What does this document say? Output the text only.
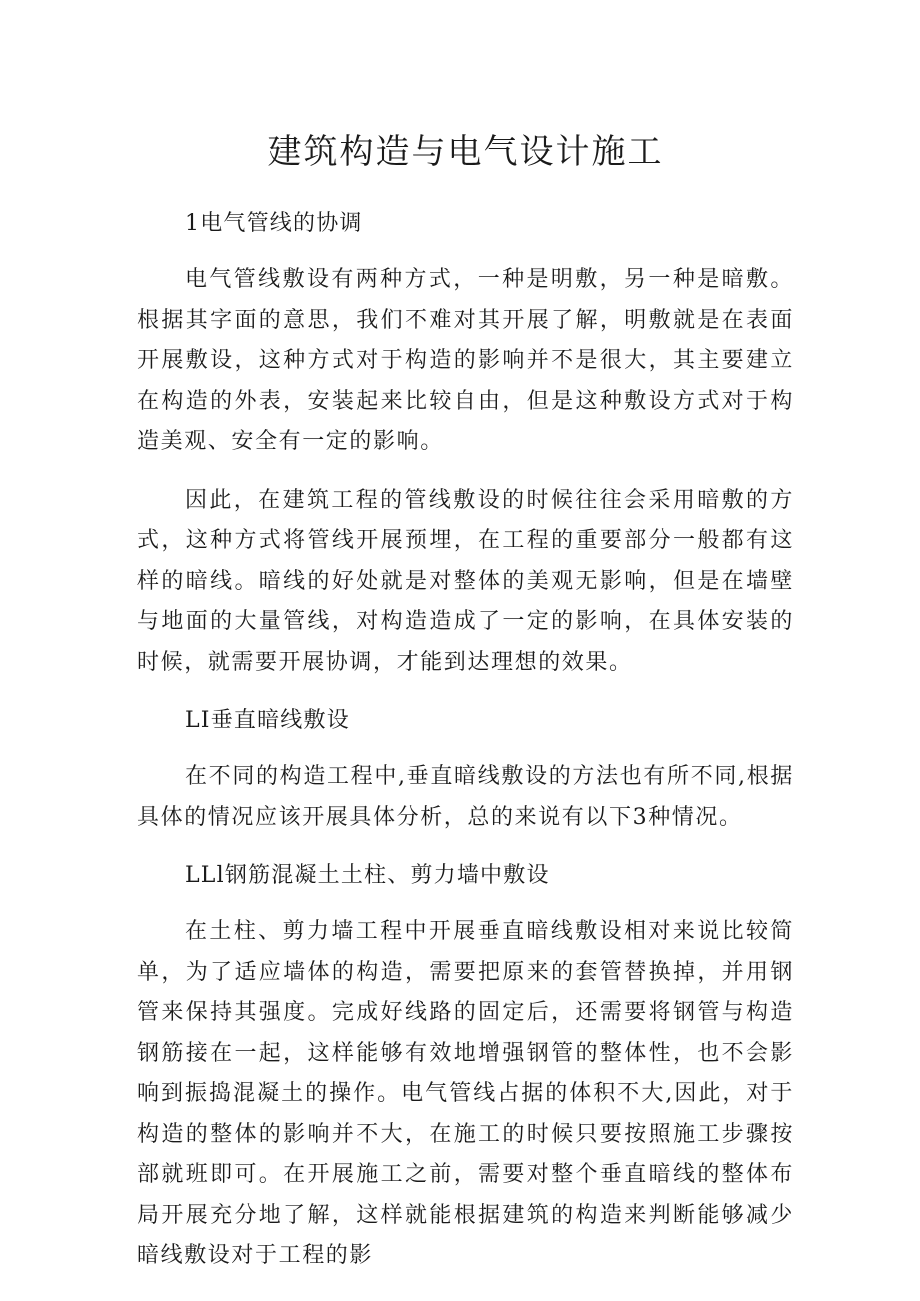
建筑构造与电气设计施工
1电气管线的协调

电气管线敷设有两种方式，一种是明敷，另一种是暗敷。根据其字面的意思，我们不难对其开展了解，明敷就是在表面开展敷设，这种方式对于构造的影响并不是很大，其主要建立在构造的外表，安装起来比较自由，但是这种敷设方式对于构造美观、安全有一定的影响。

因此，在建筑工程的管线敷设的时候往往会采用暗敷的方式，这种方式将管线开展预埋，在工程的重要部分一般都有这样的暗线。暗线的好处就是对整体的美观无影响，但是在墙壁与地面的大量管线，对构造造成了一定的影响，在具体安装的时候，就需要开展协调，才能到达理想的效果。

LI垂直暗线敷设

在不同的构造工程中,垂直暗线敷设的方法也有所不同,根据具体的情况应该开展具体分析，总的来说有以下3种情况。

LLl钢筋混凝土土柱、剪力墙中敷设

在土柱、剪力墙工程中开展垂直暗线敷设相对来说比较简单，为了适应墙体的构造，需要把原来的套管替换掉，并用钢管来保持其强度。完成好线路的固定后，还需要将钢管与构造钢筋接在一起，这样能够有效地增强钢管的整体性，也不会影响到振捣混凝土的操作。电气管线占据的体积不大,因此，对于构造的整体的影响并不大，在施工的时候只要按照施工步骤按部就班即可。在开展施工之前，需要对整个垂直暗线的整体布局开展充分地了解，这样就能根据建筑的构造来判断能够减少暗线敷设对于工程的影
